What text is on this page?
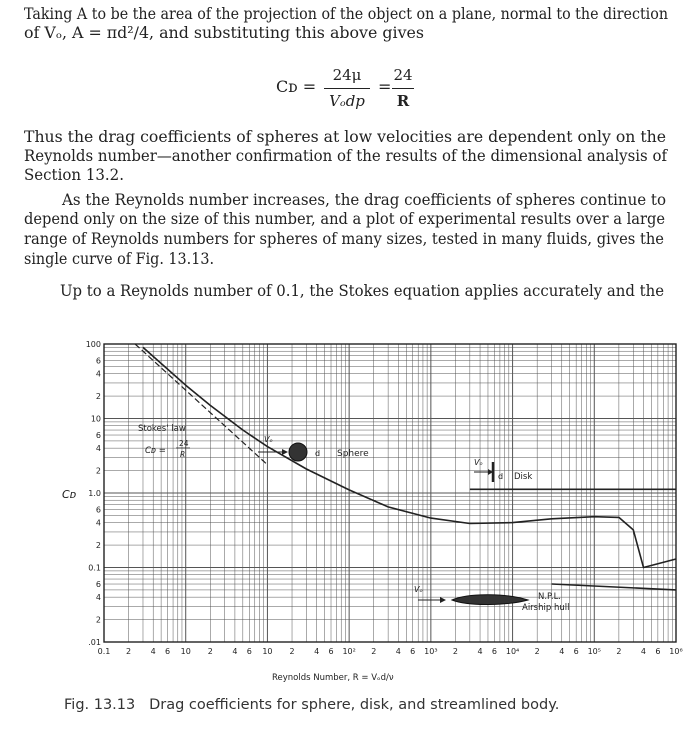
Taking A to be the area of the projection of the object on a plane, normal to the direction
of Vₒ, A = πd²/4, and substituting this above gives
Cᴅ =
24μ
Vₒdp
=
24
R
Thus the drag coefficients of spheres at low velocities are dependent only on the
Reynolds number—another confirmation of the results of the dimensional analysis of
Section 13.2.
As the Reynolds number increases, the drag coefficients of spheres continue to
depend only on the size of this number, and a plot of experimental results over a large
range of Reynolds numbers for spheres of many sizes, tested in many fluids, gives the
single curve of Fig. 13.13.
Up to a Reynolds number of 0.1, the Stokes equation applies accurately and the
100
6
4
2
10
6
4
2
1.0
6
4
2
0.1
6
4
2
.01
0.1 2 4 6 10 2 4 6 10 2 4 6 10² 2 4 6 10³ 2 4 6 10⁴ 2 4 6 10⁵ 2 4 6 10⁶
Stokes' law
Cᴅ =
24
R
Vₒ
d Sphere
Vₒ
d Disk
Vₒ
N.P.L.
Airship hull
Cᴅ
Reynolds Number, R = Vₒd/ν
Fig. 13.13 Drag coefficients for sphere, disk, and streamlined body.
